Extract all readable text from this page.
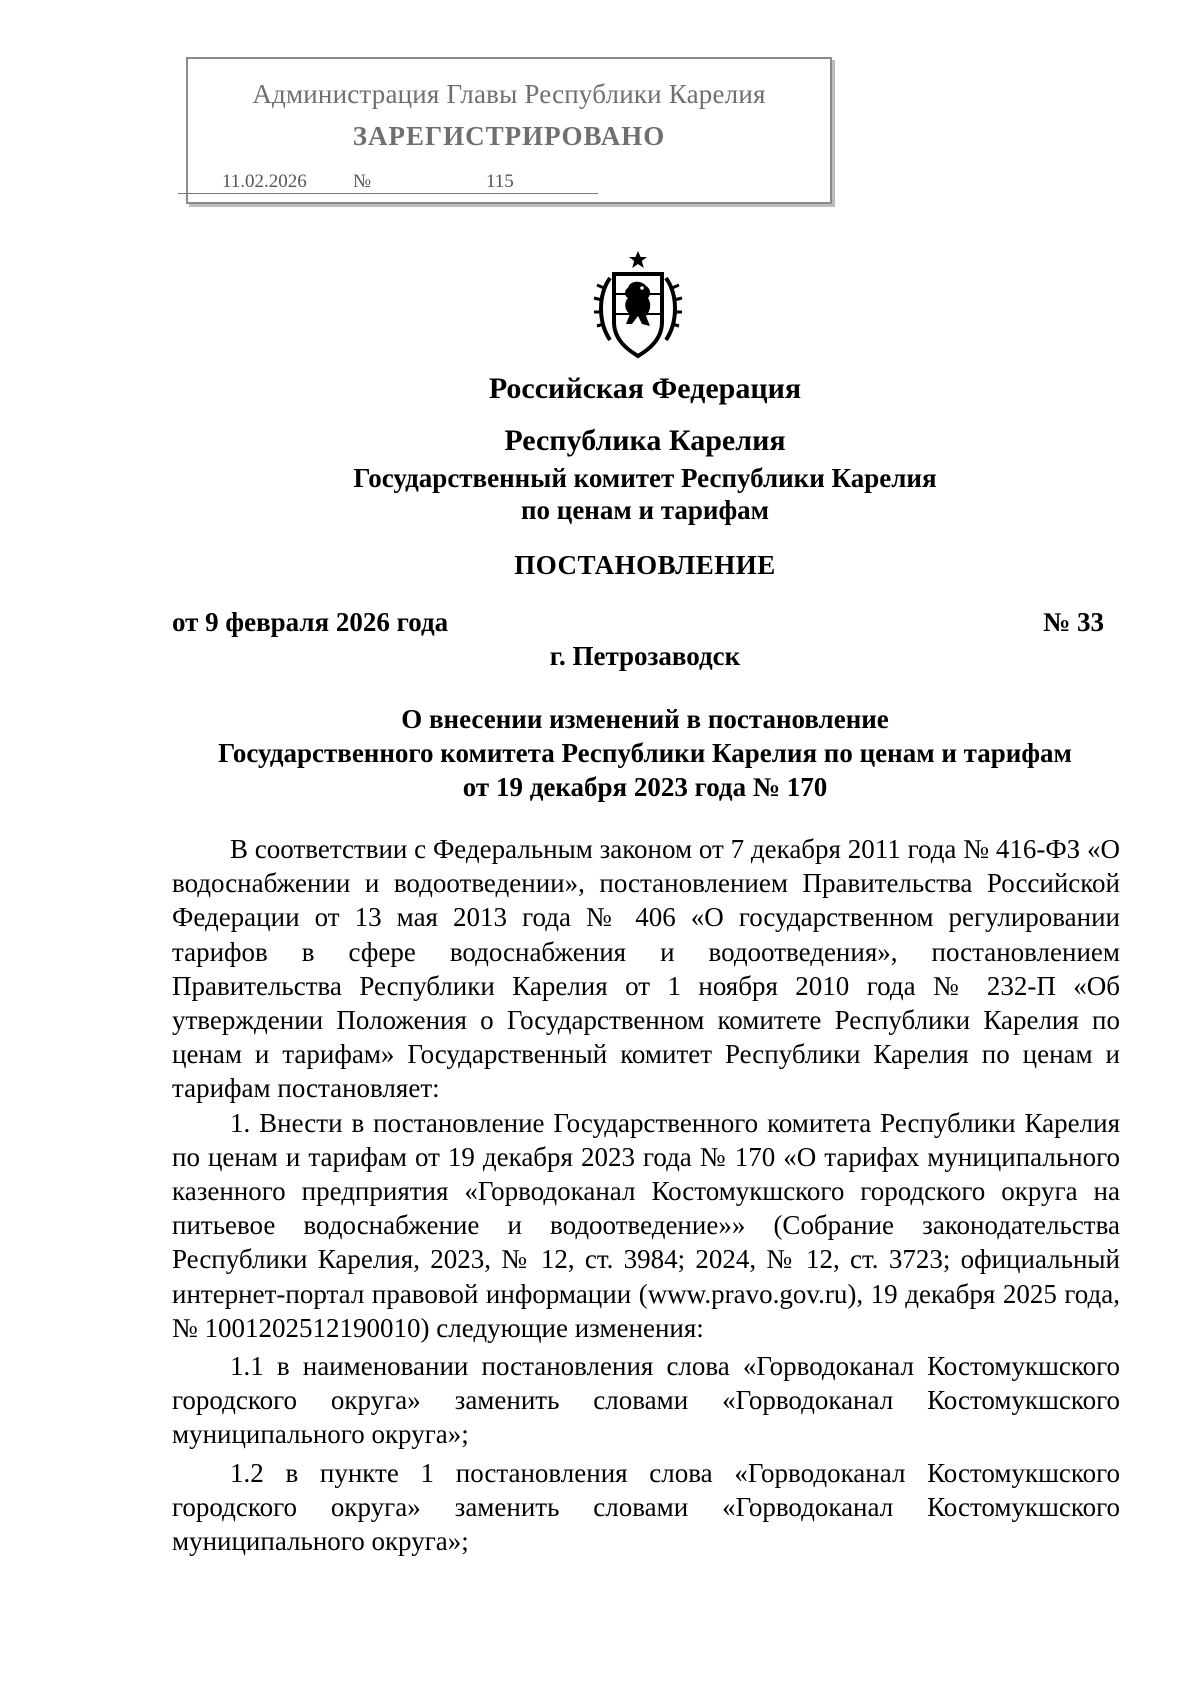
Администрация Главы Республики Карелия
ЗАРЕГИСТРИРОВАНО
11.02.2026 №	115
Российская Федерация
Республика Карелия
Государственный комитет Республики Карелия
по ценам и тарифам
ПОСТАНОВЛЕНИЕ
от 9 февраля 2026 года	№ 33
г. Петрозаводск
О внесении изменений в постановление
Государственного комитета Республики Карелия по ценам и тарифам
от 19 декабря 2023 года № 170

В соответствии с Федеральным законом от 7 декабря 2011 года № 416-ФЗ «О водоснабжении и водоотведении», постановлением Правительства Российской Федерации от 13 мая 2013 года № 406 «О государственном регулировании тарифов в сфере водоснабжения и водоотведения», постановлением Правительства Республики Карелия от 1 ноября 2010 года № 232-П «Об утверждении Положения о Государственном комитете Республики Карелия по ценам и тарифам» Государственный комитет Республики Карелия по ценам и тарифам постановляет:

1. Внести в постановление Государственного комитета Республики Карелия по ценам и тарифам от 19 декабря 2023 года № 170 «О тарифах муниципального казенного предприятия «Горводоканал Костомукшского городского округа на питьевое водоснабжение и водоотведение»» (Собрание законодательства Республики Карелия, 2023, № 12, ст. 3984; 2024, № 12, ст. 3723; официальный интернет-портал правовой информации (www.pravo.gov.ru), 19 декабря 2025 года, № 1001202512190010) следующие изменения:

1.1 в наименовании постановления слова «Горводоканал Костомукшского городского округа» заменить словами «Горводоканал Костомукшского муниципального округа»;

1.2 в пункте 1 постановления слова «Горводоканал Костомукшского городского округа» заменить словами «Горводоканал Костомукшского муниципального округа»;
